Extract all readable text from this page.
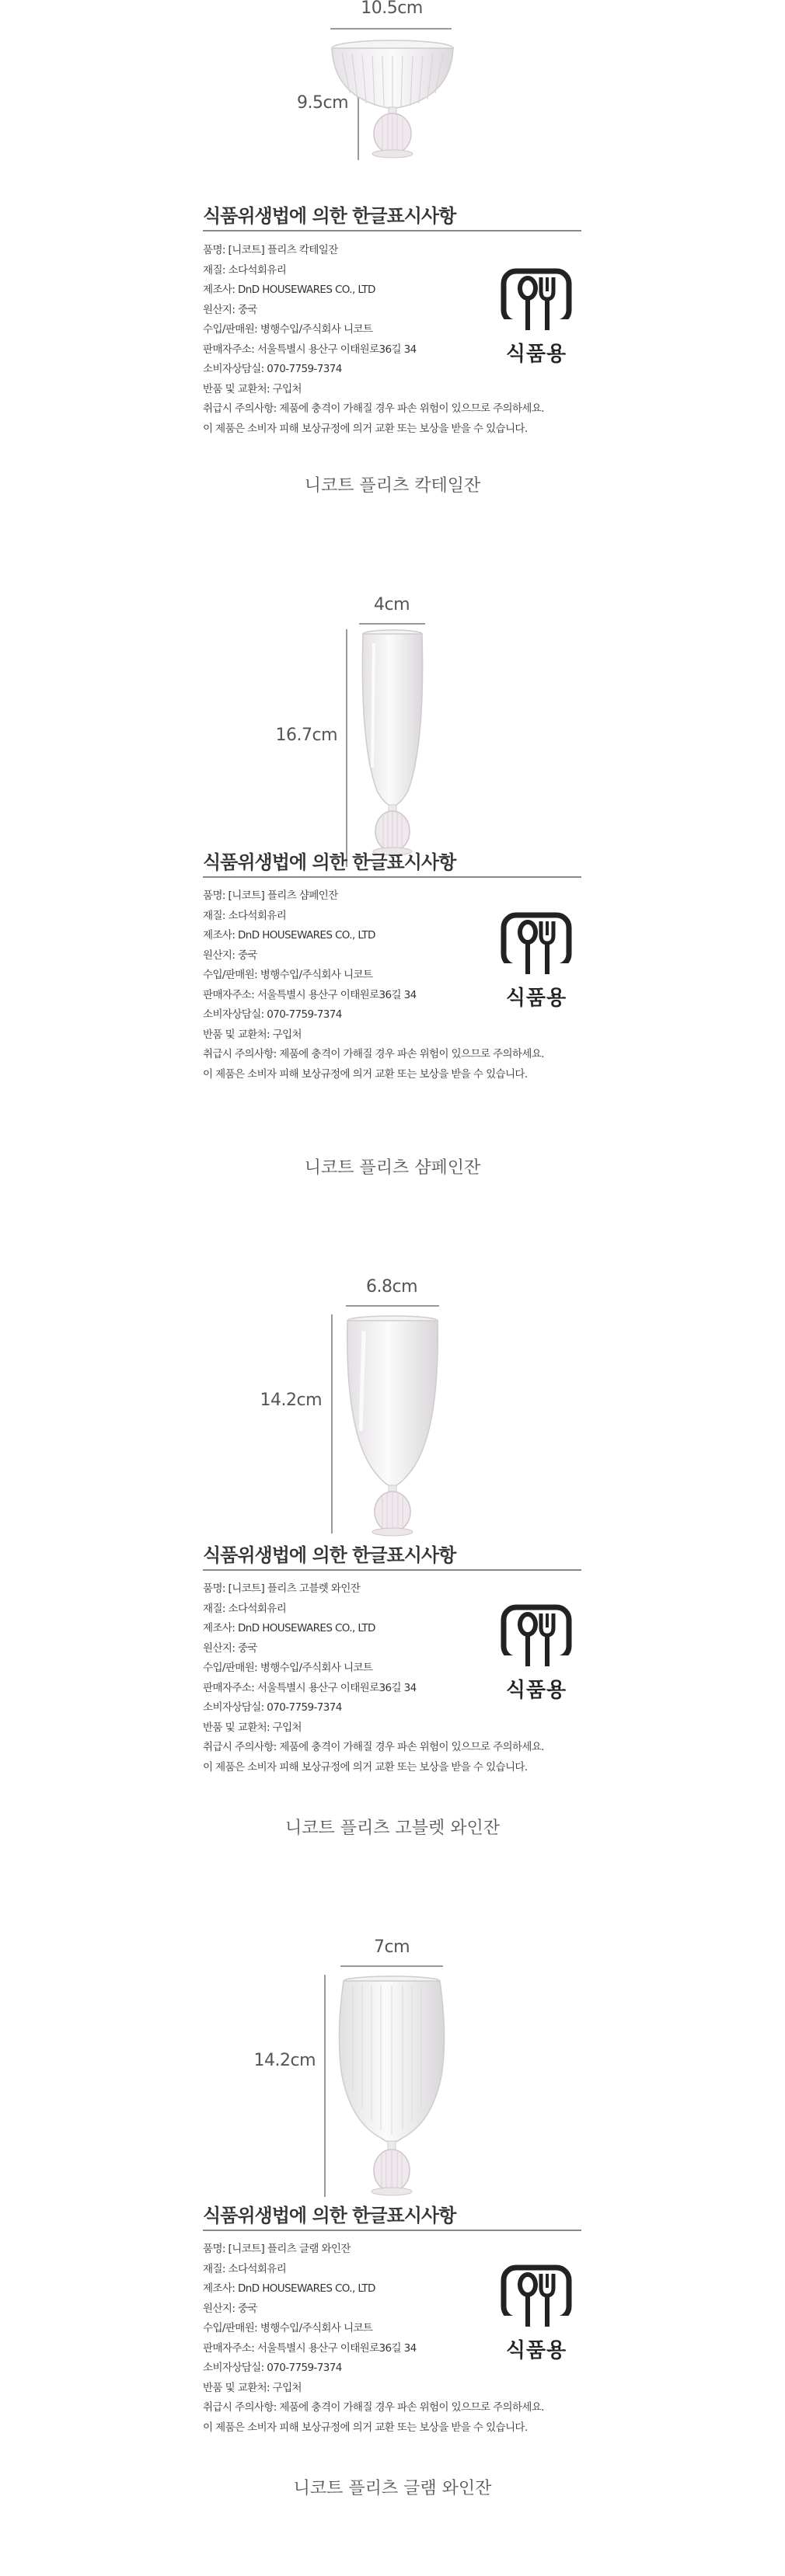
10.5cm
9.5cm
식품위생법에 의한 한글표시사항
품명: [니코트] 플리츠 칵테일잔
재질: 소다석회유리
제조사: DnD HOUSEWARES CO., LTD
원산지: 중국
수입/판매원: 병행수입/주식회사 니코트
판매자주소: 서울특별시 용산구 이태원로36길 34
소비자상담실: 070-7759-7374
반품 및 교환처: 구입처
취급시 주의사항: 제품에 충격이 가해질 경우 파손 위험이 있으므로 주의하세요.
이 제품은 소비자 피해 보상규정에 의거 교환 또는 보상을 받을 수 있습니다.
식품용
니코트 플리츠 칵테일잔
4cm
16.7cm
식품위생법에 의한 한글표시사항
품명: [니코트] 플리츠 샴페인잔
재질: 소다석회유리
제조사: DnD HOUSEWARES CO., LTD
원산지: 중국
수입/판매원: 병행수입/주식회사 니코트
판매자주소: 서울특별시 용산구 이태원로36길 34
소비자상담실: 070-7759-7374
반품 및 교환처: 구입처
취급시 주의사항: 제품에 충격이 가해질 경우 파손 위험이 있으므로 주의하세요.
이 제품은 소비자 피해 보상규정에 의거 교환 또는 보상을 받을 수 있습니다.
식품용
니코트 플리츠 샴페인잔
6.8cm
14.2cm
식품위생법에 의한 한글표시사항
품명: [니코트] 플리츠 고블렛 와인잔
재질: 소다석회유리
제조사: DnD HOUSEWARES CO., LTD
원산지: 중국
수입/판매원: 병행수입/주식회사 니코트
판매자주소: 서울특별시 용산구 이태원로36길 34
소비자상담실: 070-7759-7374
반품 및 교환처: 구입처
취급시 주의사항: 제품에 충격이 가해질 경우 파손 위험이 있으므로 주의하세요.
이 제품은 소비자 피해 보상규정에 의거 교환 또는 보상을 받을 수 있습니다.
식품용
니코트 플리츠 고블렛 와인잔
7cm
14.2cm
식품위생법에 의한 한글표시사항
품명: [니코트] 플리츠 글램 와인잔
재질: 소다석회유리
제조사: DnD HOUSEWARES CO., LTD
원산지: 중국
수입/판매원: 병행수입/주식회사 니코트
판매자주소: 서울특별시 용산구 이태원로36길 34
소비자상담실: 070-7759-7374
반품 및 교환처: 구입처
취급시 주의사항: 제품에 충격이 가해질 경우 파손 위험이 있으므로 주의하세요.
이 제품은 소비자 피해 보상규정에 의거 교환 또는 보상을 받을 수 있습니다.
식품용
니코트 플리츠 글램 와인잔
